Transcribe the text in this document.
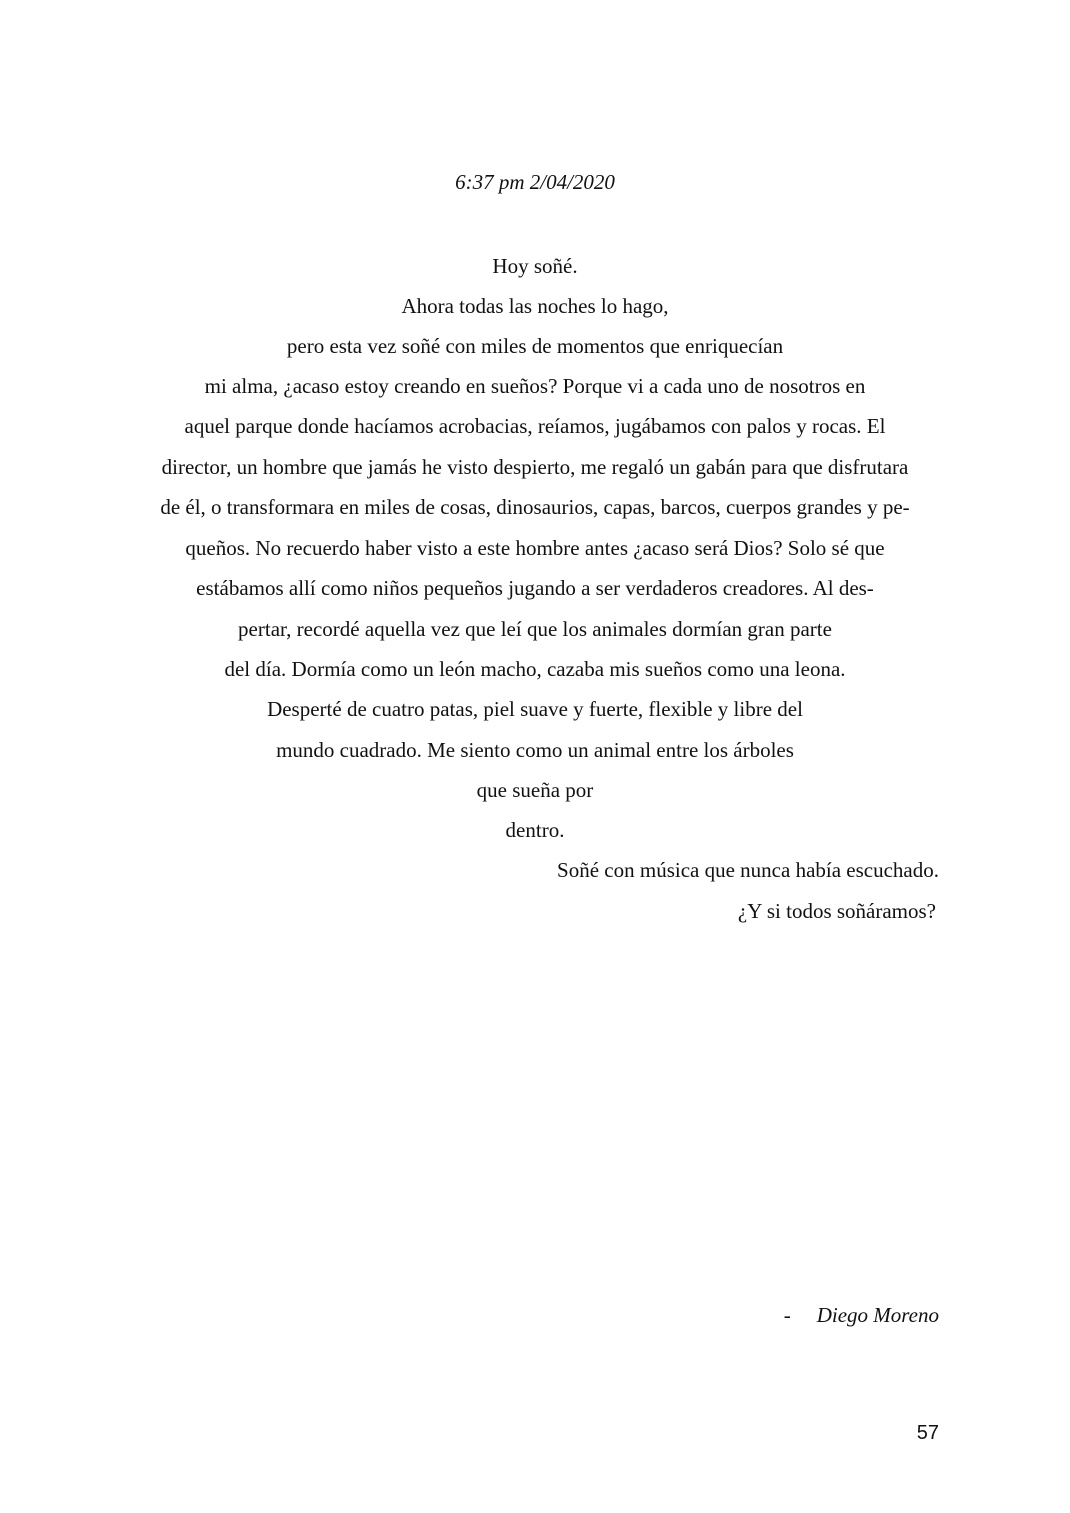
6:37 pm 2/04/2020
Hoy soñé.
Ahora todas las noches lo hago,
pero esta vez soñé con miles de momentos que enriquecían
mi alma, ¿acaso estoy creando en sueños? Porque vi a cada uno de nosotros en
aquel parque donde hacíamos acrobacias, reíamos, jugábamos con palos y rocas. El
director, un hombre que jamás he visto despierto, me regaló un gabán para que disfrutara
de él, o transformara en miles de cosas, dinosaurios, capas, barcos, cuerpos grandes y pe-
queños. No recuerdo haber visto a este hombre antes ¿acaso será Dios? Solo sé que
estábamos allí como niños pequeños jugando a ser verdaderos creadores. Al des-
pertar, recordé aquella vez que leí que los animales dormían gran parte
del día. Dormía como un león macho, cazaba mis sueños como una leona.
Desperté de cuatro patas, piel suave y fuerte, flexible y libre del
mundo cuadrado. Me siento como un animal entre los árboles
que sueña por
dentro.
Soñé con música que nunca había escuchado.
¿Y si todos soñáramos?
- Diego Moreno
57
